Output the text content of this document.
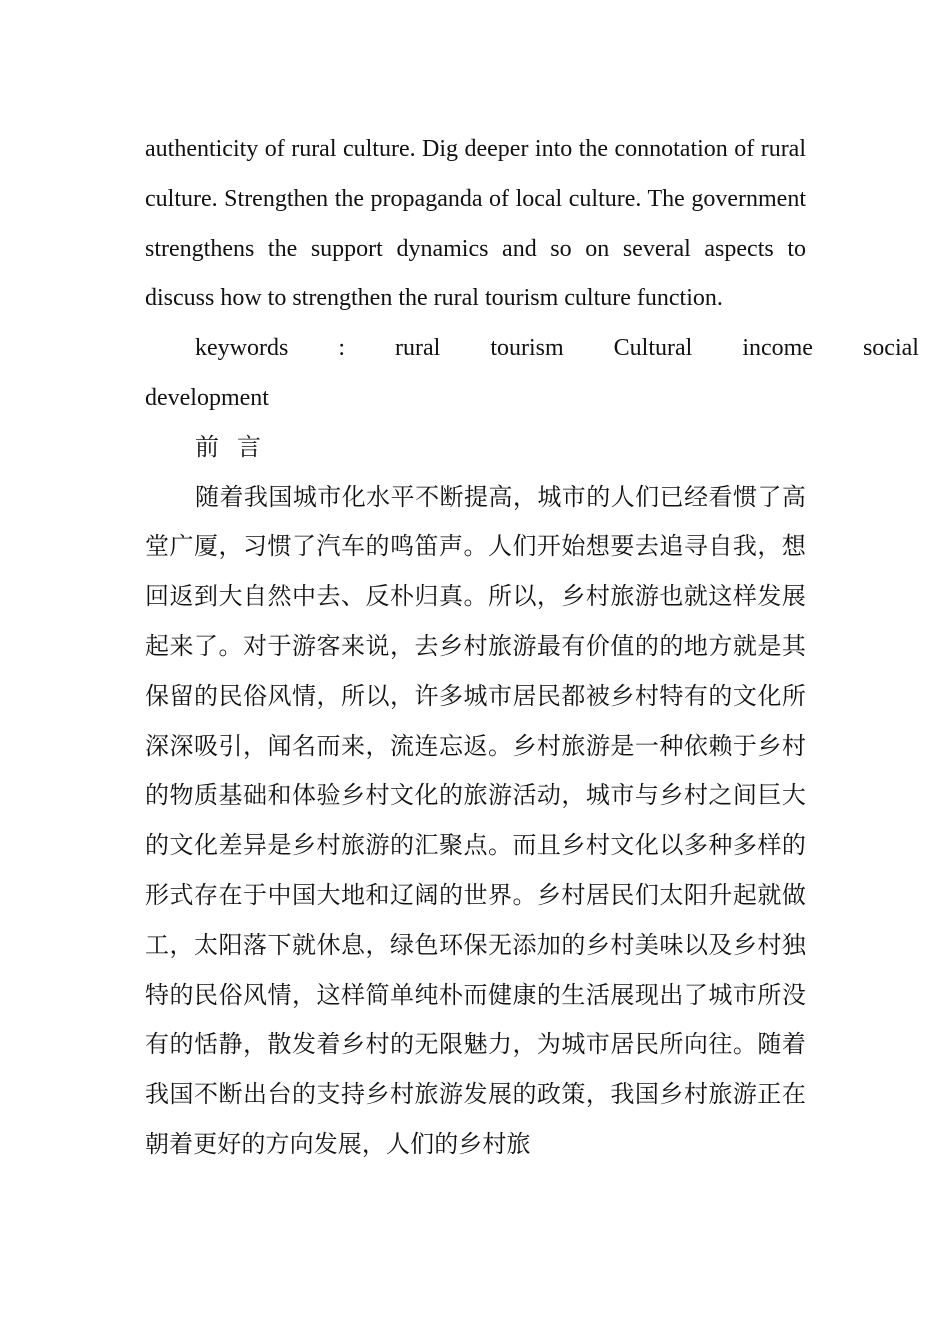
authenticity of rural culture. Dig deeper into the connotation of rural culture. Strengthen the propaganda of local culture. The government strengthens the support dynamics and so on several aspects to discuss how to strengthen the rural tourism culture function.

keywords	:	rural	tourism	Cultural	income	social
development

前 言

随着我国城市化水平不断提高，城市的人们已经看惯了高堂广厦，习惯了汽车的鸣笛声。人们开始想要去追寻自我，想回返到大自然中去、反朴归真。所以，乡村旅游也就这样发展起来了。对于游客来说，去乡村旅游最有价值的的地方就是其保留的民俗风情，所以，许多城市居民都被乡村特有的文化所深深吸引，闻名而来，流连忘返。乡村旅游是一种依赖于乡村的物质基础和体验乡村文化的旅游活动，城市与乡村之间巨大的文化差异是乡村旅游的汇聚点。而且乡村文化以多种多样的形式存在于中国大地和辽阔的世界。乡村居民们太阳升起就做工，太阳落下就休息，绿色环保无添加的乡村美味以及乡村独特的民俗风情，这样简单纯朴而健康的生活展现出了城市所没有的恬静，散发着乡村的无限魅力，为城市居民所向往。随着我国不断出台的支持乡村旅游发展的政策，我国乡村旅游正在朝着更好的方向发展，人们的乡村旅
